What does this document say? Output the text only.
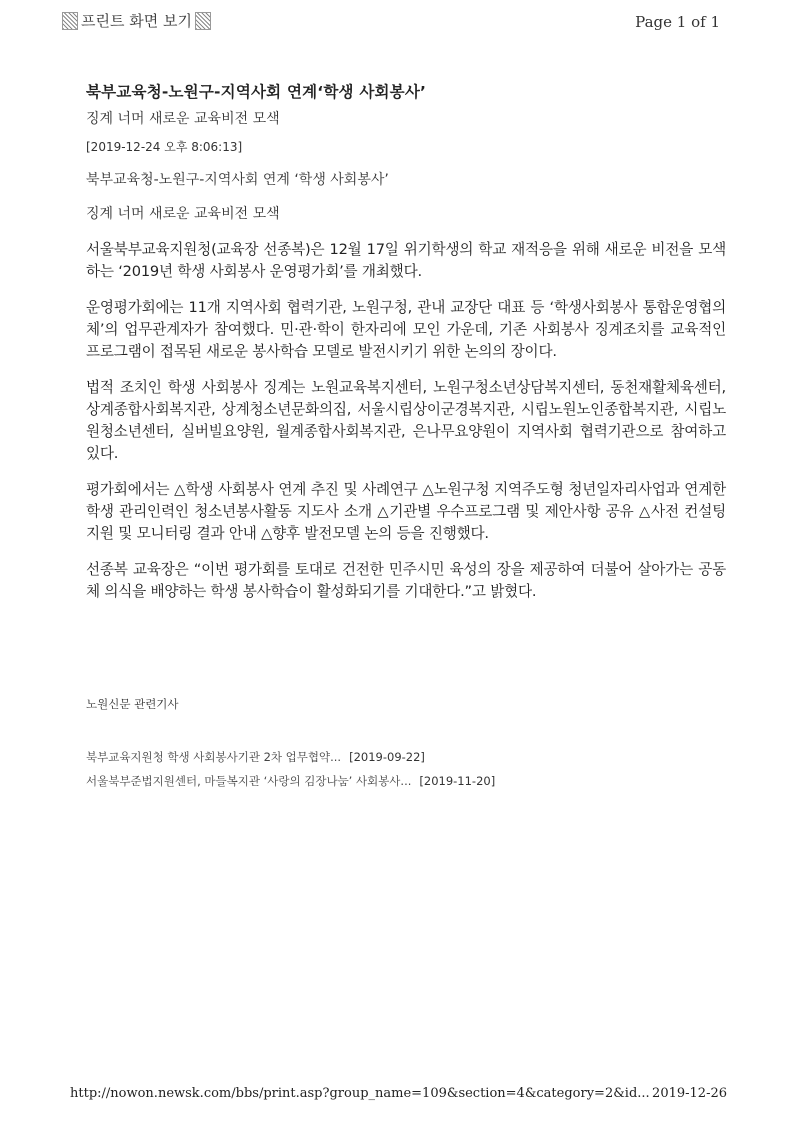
프린트 화면 보기	Page 1 of 1
북부교육청-노원구-지역사회 연계‘학생 사회봉사’
징계 너머 새로운 교육비전 모색
[2019-12-24 오후 8:06:13]
북부교육청-노원구-지역사회 연계 ‘학생 사회봉사’
징계 너머 새로운 교육비전 모색

서울북부교육지원청(교육장 선종복)은 12월 17일 위기학생의 학교 재적응을 위해 새로운 비전을 모색하는 ‘2019년 학생 사회봉사 운영평가회’를 개최했다.

운영평가회에는 11개 지역사회 협력기관, 노원구청, 관내 교장단 대표 등 ‘학생사회봉사 통합운영협의체’의 업무관계자가 참여했다. 민·관·학이 한자리에 모인 가운데, 기존 사회봉사 징계조치를 교육적인 프로그램이 접목된 새로운 봉사학습 모델로 발전시키기 위한 논의의 장이다.

법적 조치인 학생 사회봉사 징계는 노원교육복지센터, 노원구청소년상담복지센터, 동천재활체육센터, 상계종합사회복지관, 상계청소년문화의집, 서울시립상이군경복지관, 시립노원노인종합복지관, 시립노원청소년센터, 실버빌요양원, 월계종합사회복지관, 은나무요양원이 지역사회 협력기관으로 참여하고 있다.

평가회에서는 △학생 사회봉사 연계 추진 및 사례연구 △노원구청 지역주도형 청년일자리사업과 연계한 학생 관리인력인 청소년봉사활동 지도사 소개 △기관별 우수프로그램 및 제안사항 공유 △사전 컨설팅 지원 및 모니터링 결과 안내 △향후 발전모델 논의 등을 진행했다.

선종복 교육장은 “이번 평가회를 토대로 건전한 민주시민 육성의 장을 제공하여 더불어 살아가는 공동체 의식을 배양하는 학생 봉사학습이 활성화되기를 기대한다.”고 밝혔다.

노원신문 관련기사
북부교육지원청 학생 사회봉사기관 2차 업무협약... [2019-09-22]
서울북부준법지원센터, 마들복지관 ‘사랑의 김장나눔’ 사회봉사... [2019-11-20]
http://nowon.newsk.com/bbs/print.asp?group_name=109&section=4&category=2&id... 2019-12-26
